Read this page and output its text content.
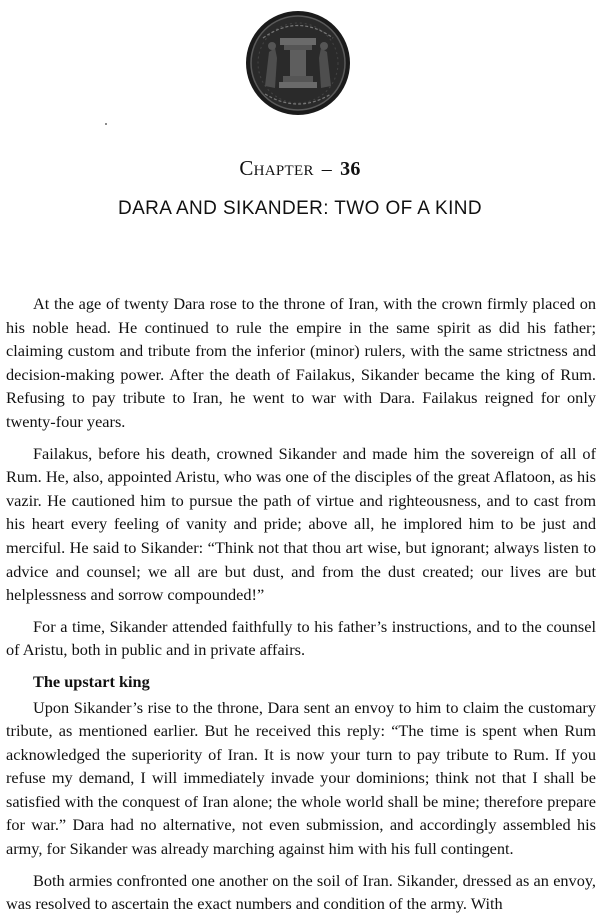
Chapter – 36
DARA AND SIKANDER: TWO OF A KIND

At the age of twenty Dara rose to the throne of Iran, with the crown firmly placed on his noble head. He continued to rule the empire in the same spirit as did his father; claiming custom and tribute from the inferior (minor) rulers, with the same strictness and decision-making power. After the death of Failakus, Sikander became the king of Rum. Refusing to pay tribute to Iran, he went to war with Dara. Failakus reigned for only twenty-four years.

Failakus, before his death, crowned Sikander and made him the sovereign of all of Rum. He, also, appointed Aristu, who was one of the disciples of the great Aflatoon, as his vazir. He cautioned him to pursue the path of virtue and righteousness, and to cast from his heart every feeling of vanity and pride; above all, he implored him to be just and merciful. He said to Sikander: “Think not that thou art wise, but ignorant; always listen to advice and counsel; we all are but dust, and from the dust created; our lives are but helplessness and sorrow compounded!”

For a time, Sikander attended faithfully to his father’s instructions, and to the counsel of Aristu, both in public and in private affairs.

The upstart king

Upon Sikander’s rise to the throne, Dara sent an envoy to him to claim the customary tribute, as mentioned earlier. But he received this reply: “The time is spent when Rum acknowledged the superiority of Iran. It is now your turn to pay tribute to Rum. If you refuse my demand, I will immediately invade your dominions; think not that I shall be satisfied with the conquest of Iran alone; the whole world shall be mine; therefore prepare for war.” Dara had no alternative, not even submission, and accordingly assembled his army, for Sikander was already marching against him with his full contingent.

Both armies confronted one another on the soil of Iran. Sikander, dressed as an envoy, was resolved to ascertain the exact numbers and condition of the army. With
